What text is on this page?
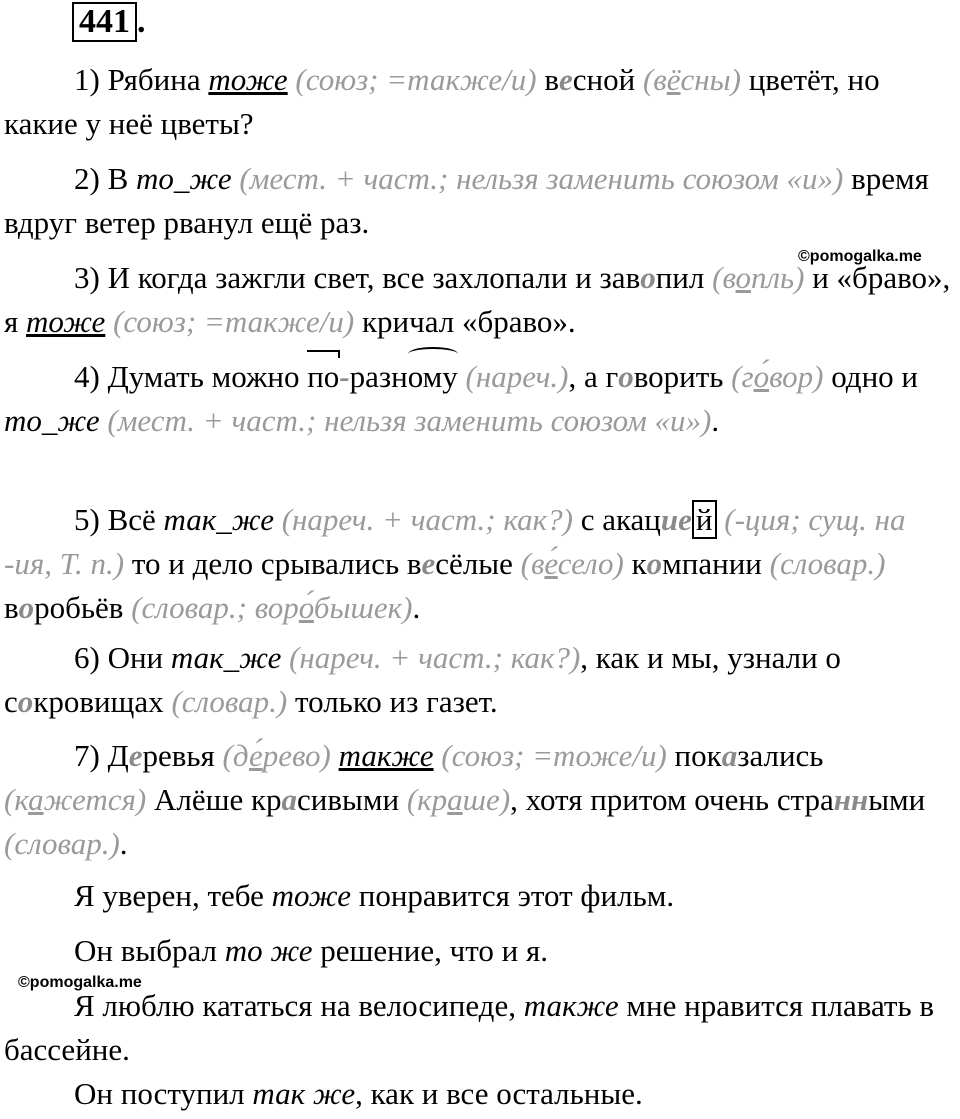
441 .

1) Рябина тоже (союз; =также/и) весной (вёсны) цветёт, но какие у неё цветы?

2) В то_же (мест. + част.; нельзя заменить союзом «и») время вдруг ветер рванул ещё раз.

©pomogalka.me

3) И когда зажгли свет, все захлопали и завопил (вопль) и «браво», я тоже (союз; =также/и) кричал «браво».

4) Думать можно по-разному (нареч.), а говорить (го́вор) одно и то_же (мест. + част.; нельзя заменить союзом «и»).

5) Всё так_же (нареч. + част.; как?) с акацие й (-ция; сущ. на -ия, Т. п.) то и дело срывались весёлые (ве́село) компании (словар.) воробьёв (словар.; воро́бышек).

6) Они так_же (нареч. + част.; как?), как и мы, узнали о сокровищах (словар.) только из газет.

7) Деревья (де́рево) также (союз; =тоже/и) показались (кажется) Алёше красивыми (краше), хотя притом очень странными (словар.).

Я уверен, тебе тоже понравится этот фильм.

Он выбрал то же решение, что и я.

©pomogalka.me

Я люблю кататься на велосипеде, также мне нравится плавать в бассейне.

Он поступил так же, как и все остальные.
